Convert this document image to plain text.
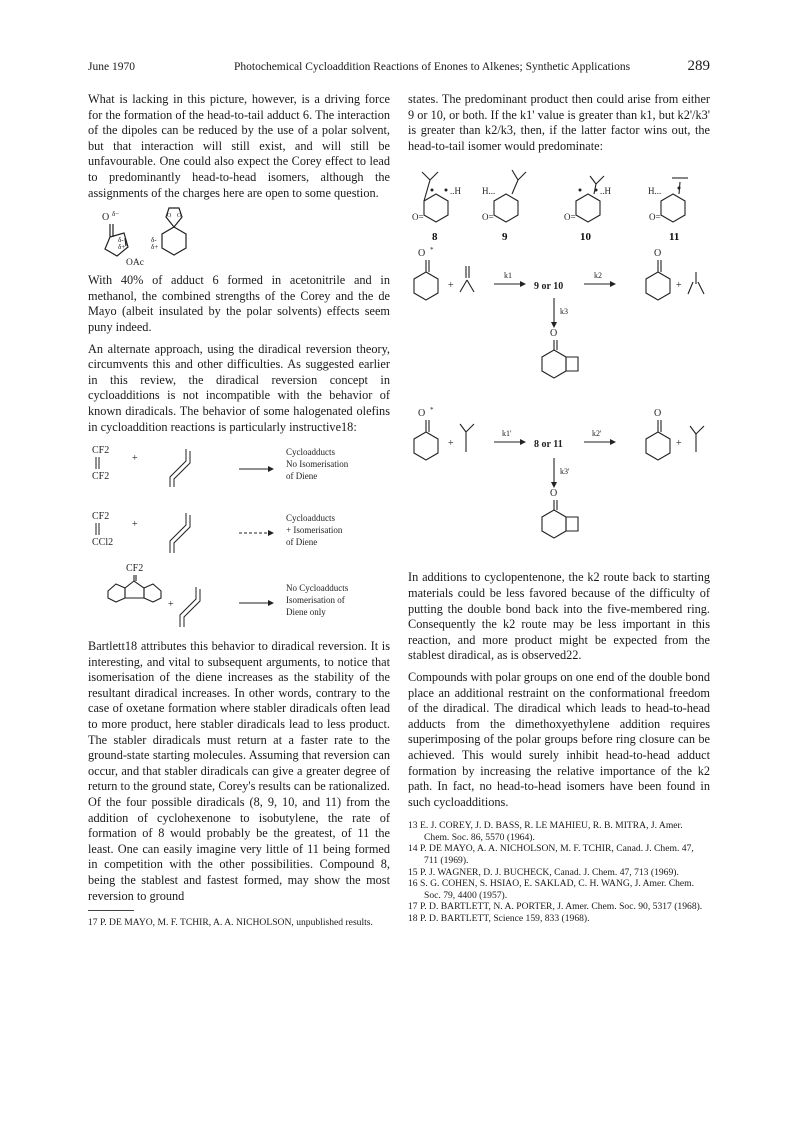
June 1970	Photochemical Cycloaddition Reactions of Enones to Alkenes; Synthetic Applications	289

What is lacking in this picture, however, is a driving force for the formation of the head-to-tail adduct 6. The interaction of the dipoles can be reduced by the use of a polar solvent, but that interaction will still exist, and will still be unfavourable. One could also expect the Corey effect to lead to predominantly head-to-head isomers, although the assignments of the charges here are open to some question.

O δ−
δ-
δ+
δ-
δ+
OAc
O O

With 40% of adduct 6 formed in acetonitrile and in methanol, the combined strengths of the Corey and the de Mayo (albeit insulated by the polar solvents) effects seem puny indeed.

An alternate approach, using the diradical reversion theory, circumvents this and other difficulties. As suggested earlier in this review, the diradical reversion concept in cycloadditions is not incompatible with the behavior of known diradicals. The behavior of some halogenated olefins in cycloaddition reactions is particularly instructive18:

CF2
CF2
+
Cycloadducts
No Isomerisation
of Diene
CF2
CCl2
+
Cycloadducts
+ Isomerisation
of Diene
CF2
+
No Cycloadducts
Isomerisation of
Diene only

Bartlett18 attributes this behavior to diradical reversion. It is interesting, and vital to subsequent arguments, to notice that isomerisation of the diene increases as the stability of the resultant diradical increases. In other words, contrary to the case of oxetane formation where stabler diradicals often lead to more product, here stabler diradicals lead to less product. The stabler diradicals must return at a faster rate to the ground-state starting molecules. Assuming that reversion can occur, and that stabler diradicals can give a greater degree of return to the ground state, Corey's results can be rationalized. Of the four possible diradicals (8, 9, 10, and 11) from the addition of cyclohexenone to isobutylene, the rate of formation of 8 would probably be the greatest, of 11 the least. One can easily imagine very little of 11 being formed in competition with the other possibilities. Compound 8, being the stablest and fastest formed, may show the most reversion to ground

17 P. DE MAYO, M. F. TCHIR, A. A. NICHOLSON, unpublished results.

states. The predominant product then could arise from either 9 or 10, or both. If the k1' value is greater than k1, but k2'/k3' is greater than k2/k3, then, if the latter factor wins out, the head-to-tail isomer would predominate:

..H
O=
H...
O=
..H
O=
H...
O=
8	9	10	11
O *
+
k1
9 or 10
k2
O
+
k3
O
O *
+
k1'
8 or 11
k2'
O
+
k3'
O

In additions to cyclopentenone, the k2 route back to starting materials could be less favored because of the difficulty of putting the double bond back into the five-membered ring. Consequently the k2 route may be less important in this reaction, and more product might be expected from the stablest diradical, as is observed22.

Compounds with polar groups on one end of the double bond place an additional restraint on the conformational freedom of the diradical. The diradical which leads to head-to-head adducts from the dimethoxyethylene addition requires superimposing of the polar groups before ring closure can be achieved. This would surely inhibit head-to-head adduct formation by increasing the relative importance of the k2 path. In fact, no head-to-head isomers have been found in such cycloadditions.

13 E. J. COREY, J. D. BASS, R. LE MAHIEU, R. B. MITRA, J. Amer. Chem. Soc. 86, 5570 (1964).

14 P. DE MAYO, A. A. NICHOLSON, M. F. TCHIR, Canad. J. Chem. 47, 711 (1969).

15 P. J. WAGNER, D. J. BUCHECK, Canad. J. Chem. 47, 713 (1969).

16 S. G. COHEN, S. HSIAO, E. SAKLAD, C. H. WANG, J. Amer. Chem. Soc. 79, 4400 (1957).

17 P. D. BARTLETT, N. A. PORTER, J. Amer. Chem. Soc. 90, 5317 (1968).

18 P. D. BARTLETT, Science 159, 833 (1968).
